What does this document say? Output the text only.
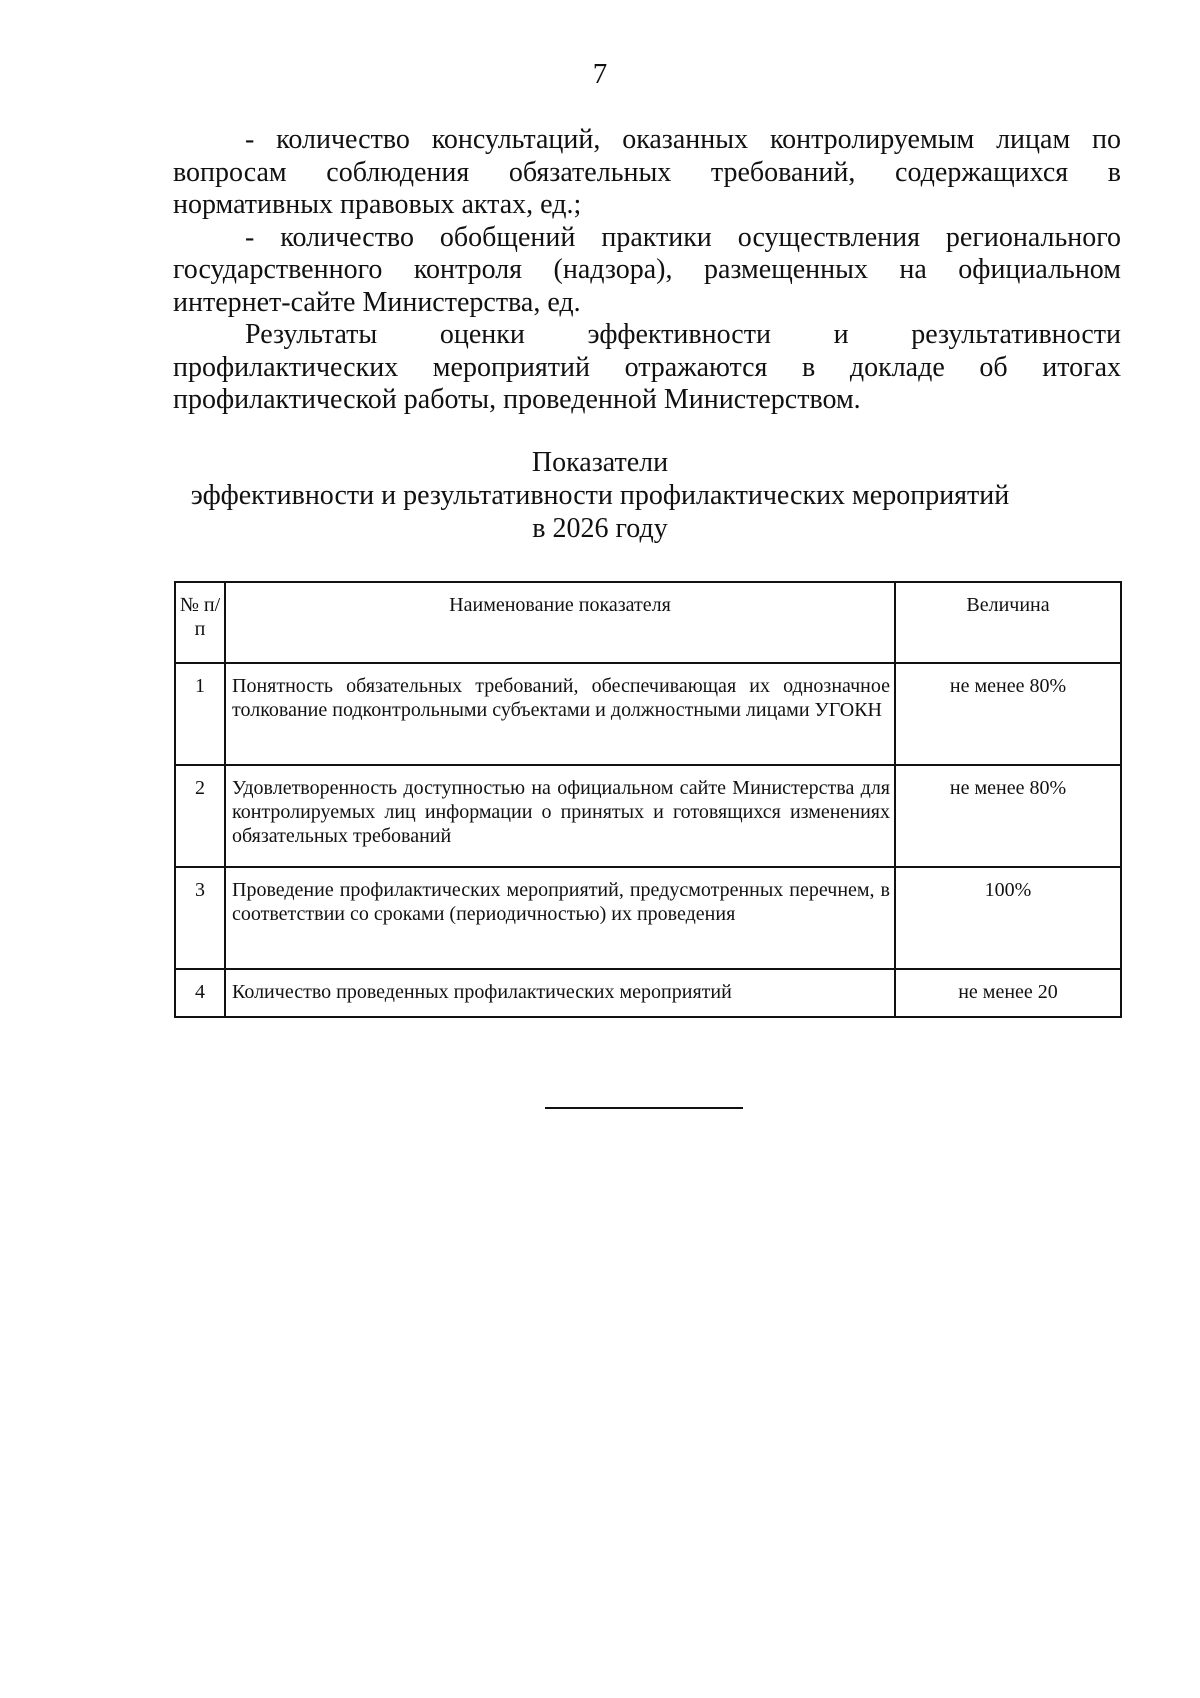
7

- количество консультаций, оказанных контролируемым лицам по вопросам соблюдения обязательных требований, содержащихся в нормативных правовых актах, ед.;

- количество обобщений практики осуществления регионального государственного контроля (надзора), размещенных на официальном интернет-сайте Министерства, ед.

Результаты оценки эффективности и результативности профилактических мероприятий отражаются в докладе об итогах профилактической работы, проведенной Министерством.

Показатели
эффективности и результативности профилактических мероприятий
в 2026 году
№ п/п	Наименование показателя	Величина
1	Понятность обязательных требований, обеспечивающая их однозначное толкование подконтрольными субъектами и должностными лицами УГОКН	не менее 80%
2	Удовлетворенность доступностью на официальном сайте Министерства для контролируемых лиц информации о принятых и готовящихся изменениях обязательных требований	не менее 80%
3	Проведение профилактических мероприятий, предусмотренных перечнем, в соответствии со сроками (периодичностью) их проведения	100%
4	Количество проведенных профилактических мероприятий	не менее 20
